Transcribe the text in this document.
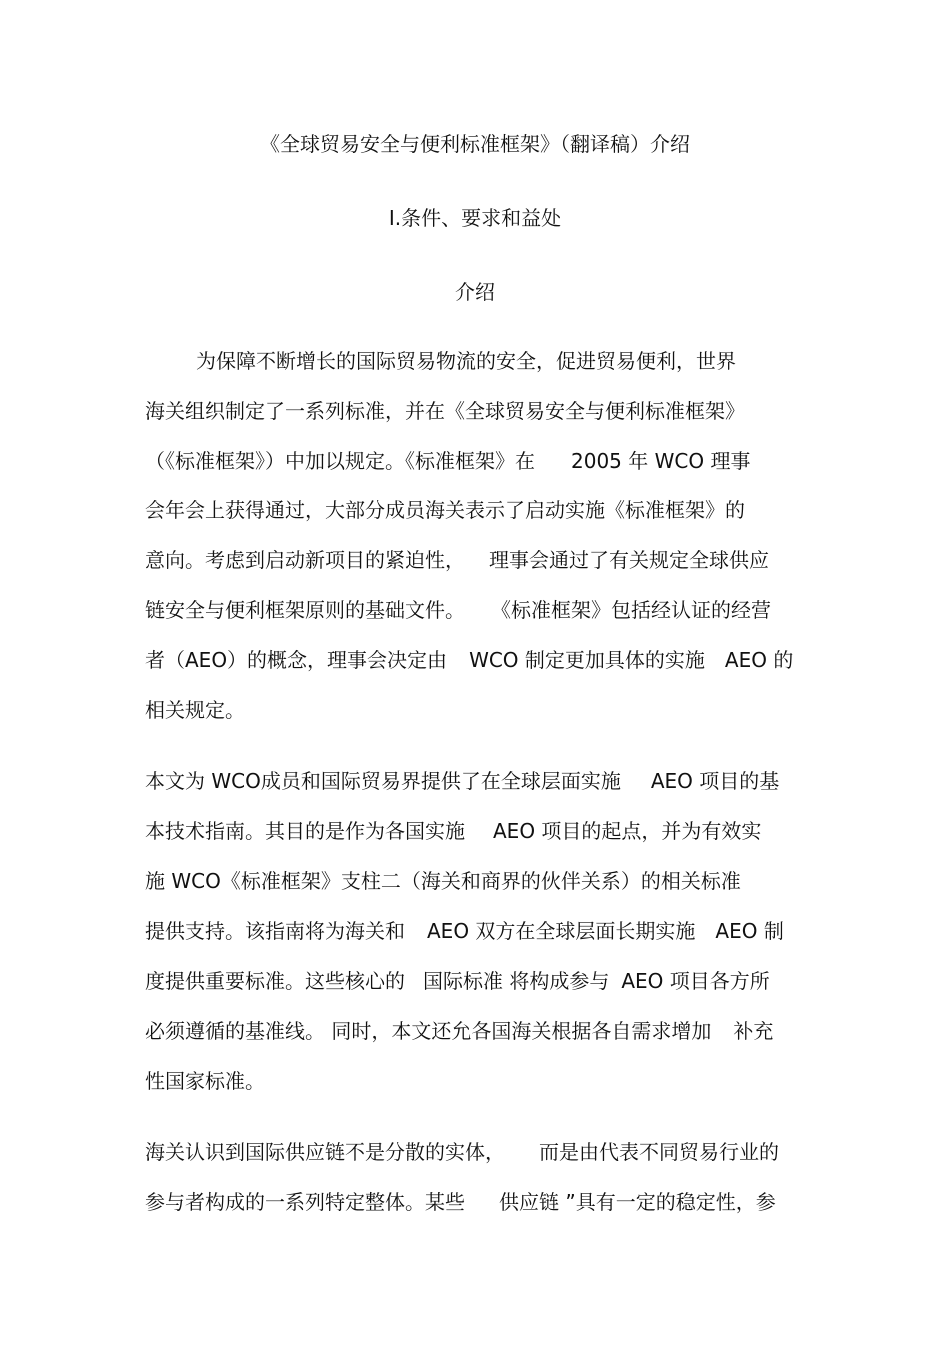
《全球贸易安全与便利标准框架》（翻译稿）介绍
Ⅰ.条件、要求和益处
介绍
为保障不断增长的国际贸易物流的安全，促进贸易便利，世界
海关组织制定了一系列标准，并在《全球贸易安全与便利标准框架》
（《标准框架》）中加以规定。《标准框架》在 2005 年 WCO 理事
会年会上获得通过，大部分成员海关表示了启动实施《标准框架》的
意向。考虑到启动新项目的紧迫性， 理事会通过了有关规定全球供应
链安全与便利框架原则的基础文件。 《标准框架》包括经认证的经营
者（AEO）的概念，理事会决定由 WCO 制定更加具体的实施 AEO 的
相关规定。
本文为 WCO成员和国际贸易界提供了在全球层面实施 AEO 项目的基
本技术指南。其目的是作为各国实施 AEO 项目的起点，并为有效实
施 WCO《标准框架》支柱二（海关和商界的伙伴关系）的相关标准
提供支持。该指南将为海关和 AEO 双方在全球层面长期实施 AEO 制
度提供重要标准。这些核心的 国际标准 将构成参与 AEO 项目各方所
必须遵循的基准线。 同时，本文还允各国海关根据各自需求增加 补充
性国家标准。
海关认识到国际供应链不是分散的实体， 而是由代表不同贸易行业的
参与者构成的一系列特定整体。某些 供应链 ”具有一定的稳定性，参
